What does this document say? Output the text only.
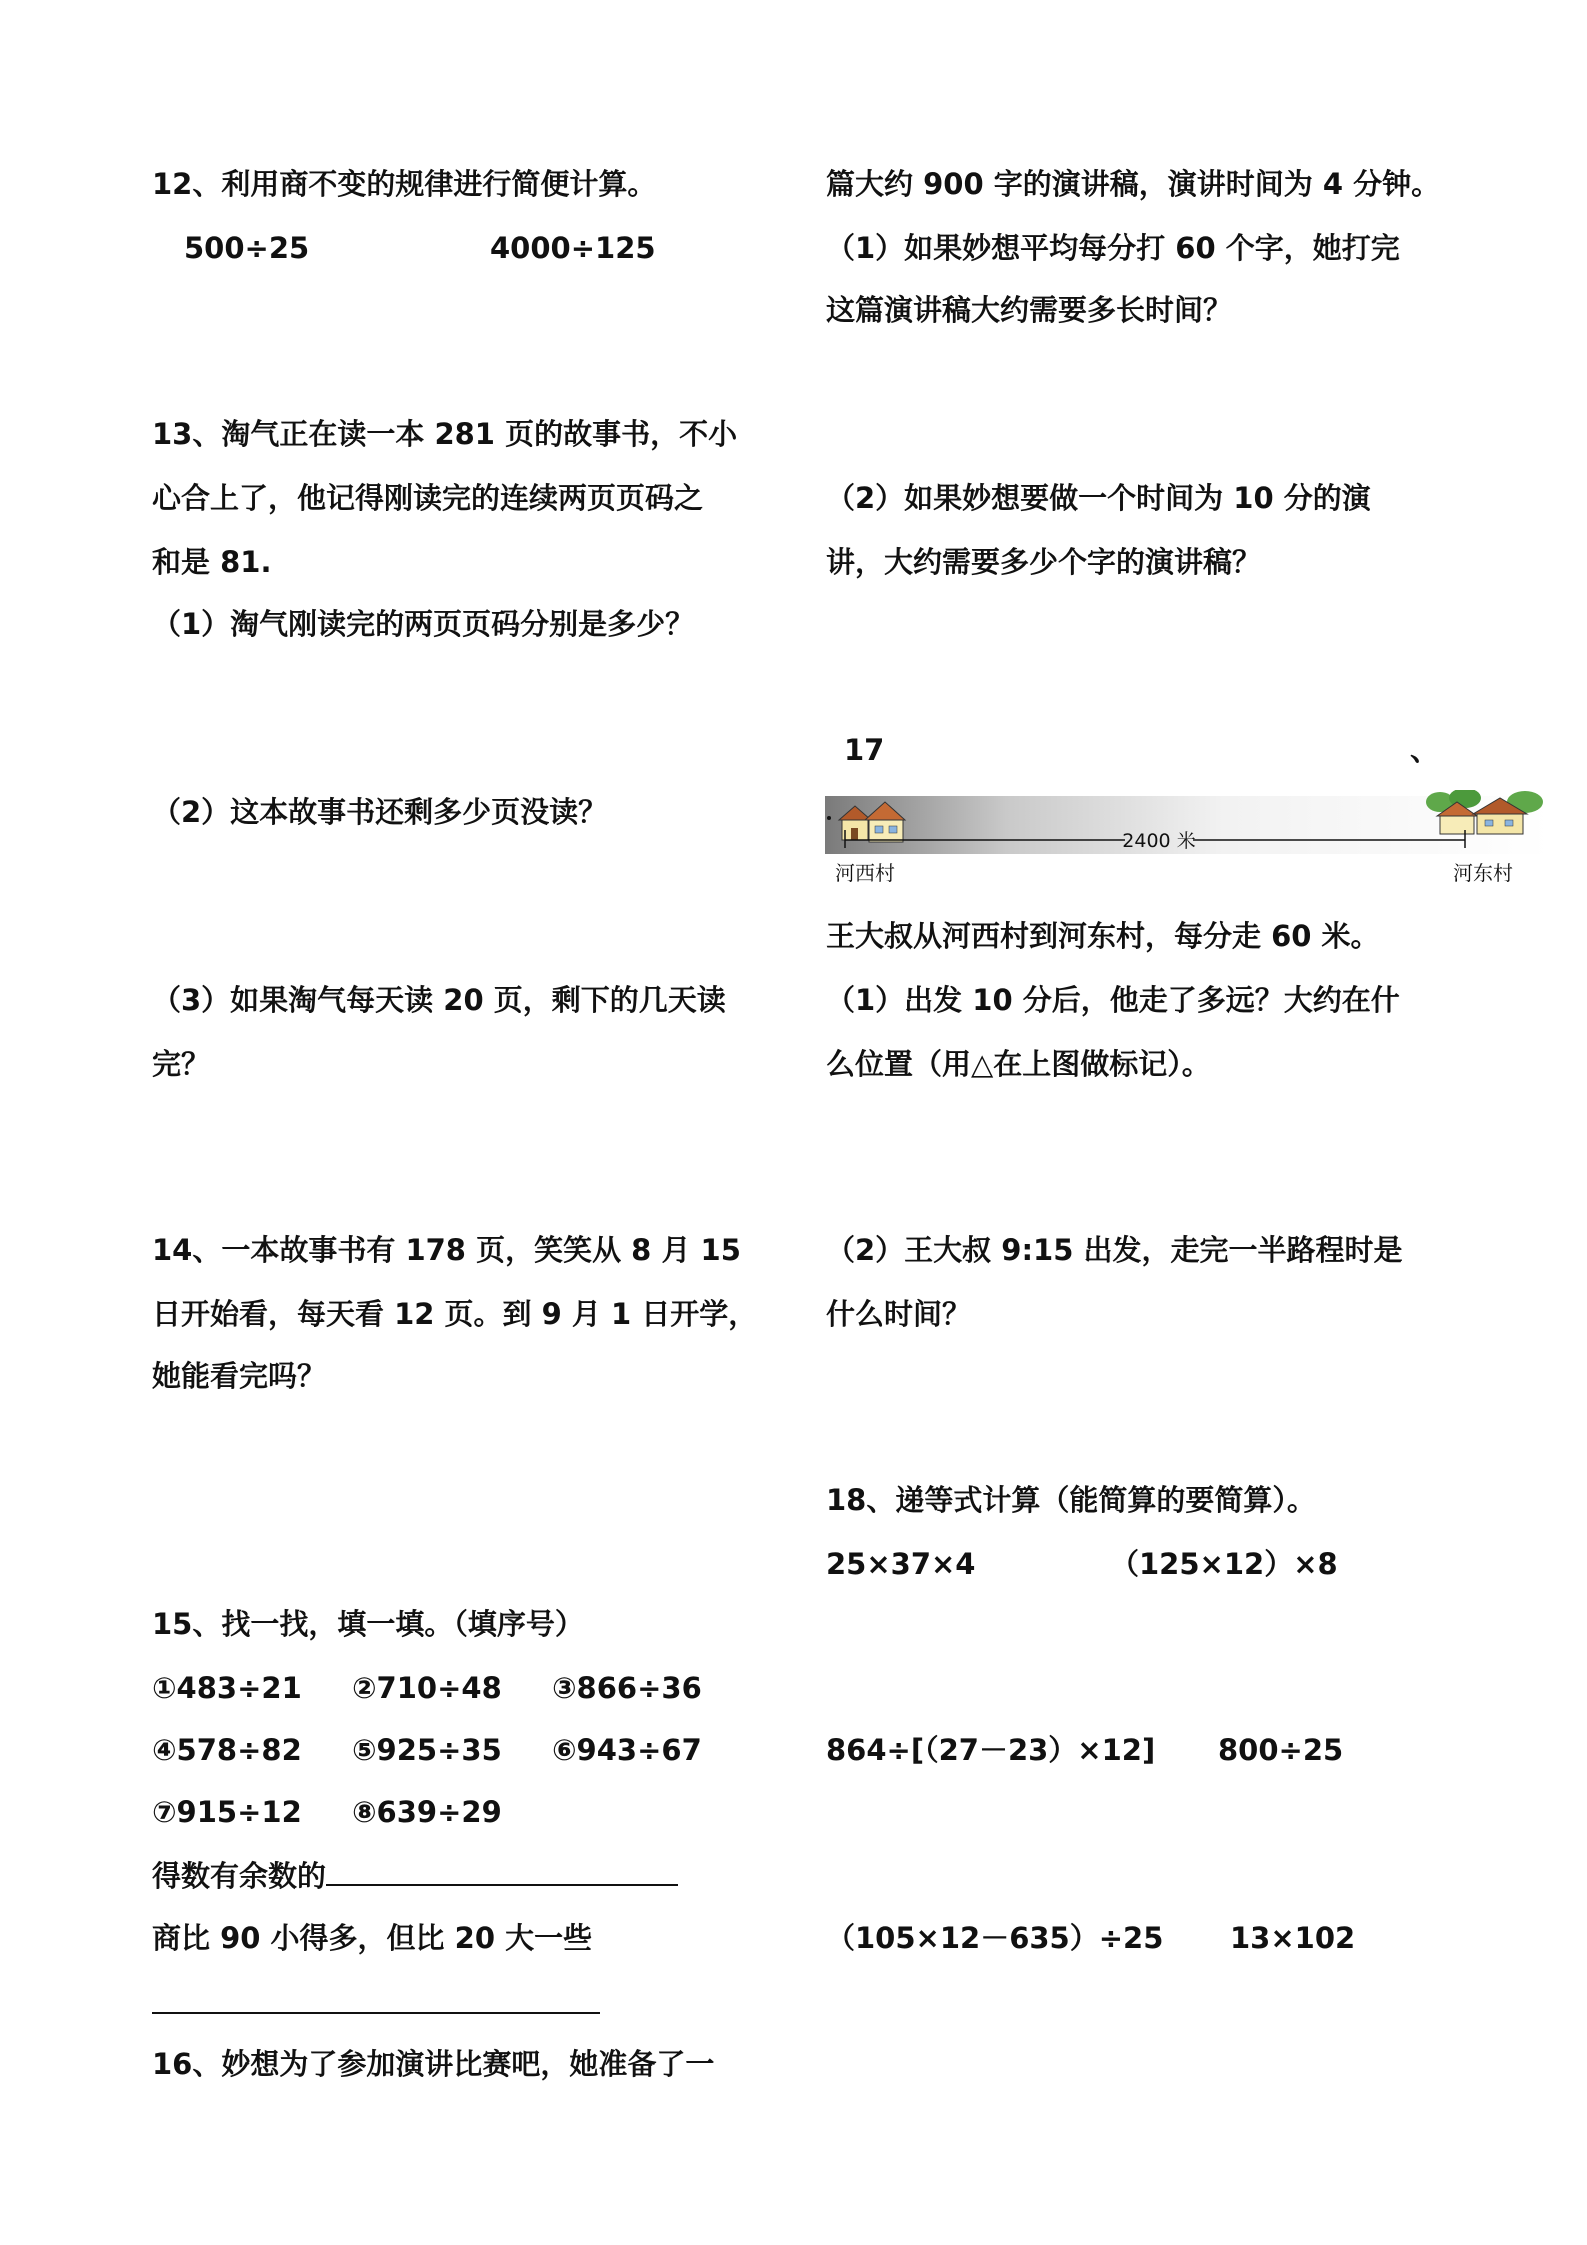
12、利用商不变的规律进行简便计算。
500÷25	4000÷125
13、淘气正在读一本 281 页的故事书，不小
心合上了，他记得刚读完的连续两页页码之
和是 81.
（1）淘气刚读完的两页页码分别是多少？
（2）这本故事书还剩多少页没读？
（3）如果淘气每天读 20 页，剩下的几天读
完？
14、一本故事书有 178 页，笑笑从 8 月 15
日开始看，每天看 12 页。到 9 月 1 日开学，
她能看完吗？
15、找一找，填一填。（填序号）
①483÷21 ②710÷48 ③866÷36
④578÷82 ⑤925÷35 ⑥943÷67
⑦915÷12 ⑧639÷29
得数有余数的
商比 90 小得多，但比 20 大一些
16、妙想为了参加演讲比赛吧，她准备了一
篇大约 900 字的演讲稿，演讲时间为 4 分钟。
（1）如果妙想平均每分打 60 个字，她打完
这篇演讲稿大约需要多长时间？
（2）如果妙想要做一个时间为 10 分的演
讲，大约需要多少个字的演讲稿？
17	、
2400 米
河西村	河东村
王大叔从河西村到河东村，每分走 60 米。
（1）出发 10 分后，他走了多远？大约在什
么位置（用△在上图做标记）。
（2）王大叔 9:15 出发，走完一半路程时是
什么时间？
18、递等式计算（能简算的要简算）。
25×37×4	（125×12）×8
864÷[（27－23）×12] 800÷25
（105×12－635）÷25 13×102
